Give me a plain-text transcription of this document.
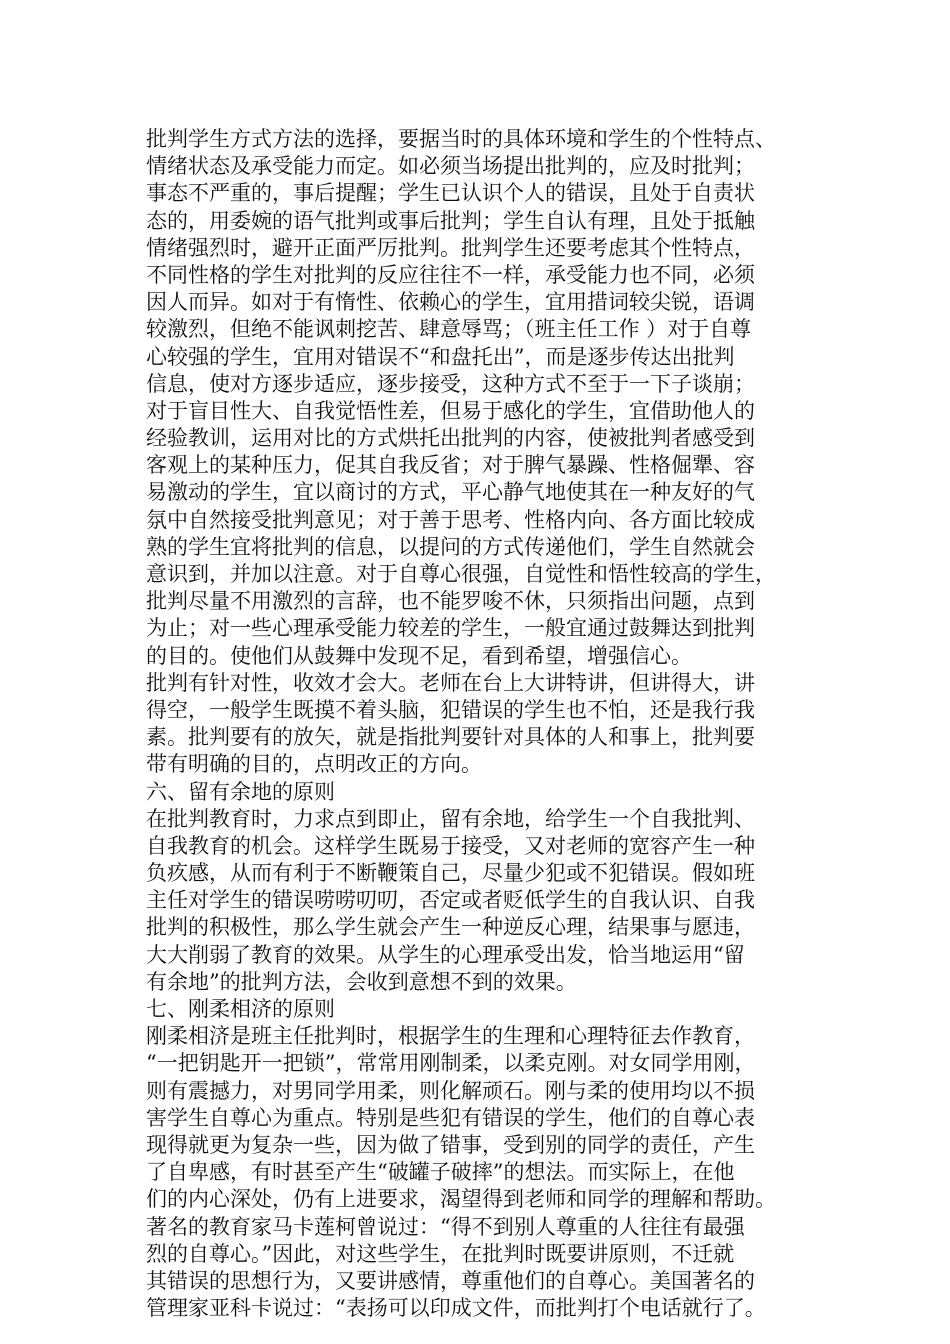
批判学生方式方法的选择，要据当时的具体环境和学生的个性特点、
情绪状态及承受能力而定。如必须当场提出批判的，应及时批判；
事态不严重的，事后提醒；学生已认识个人的错误，且处于自责状
态的，用委婉的语气批判或事后批判；学生自认有理，且处于抵触
情绪强烈时，避开正面严厉批判。批判学生还要考虑其个性特点，
不同性格的学生对批判的反应往往不一样，承受能力也不同，必须
因人而异。如对于有惰性、依赖心的学生，宜用措词较尖锐，语调
较激烈，但绝不能讽刺挖苦、肆意辱骂；（班主任工作 ）对于自尊
心较强的学生，宜用对错误不“和盘托出”，而是逐步传达出批判
信息，使对方逐步适应，逐步接受，这种方式不至于一下子谈崩；
对于盲目性大、自我觉悟性差，但易于感化的学生，宜借助他人的
经验教训，运用对比的方式烘托出批判的内容，使被批判者感受到
客观上的某种压力，促其自我反省；对于脾气暴躁、性格倔犟、容
易激动的学生，宜以商讨的方式，平心静气地使其在一种友好的气
氛中自然接受批判意见；对于善于思考、性格内向、各方面比较成
熟的学生宜将批判的信息，以提问的方式传递他们，学生自然就会
意识到，并加以注意。对于自尊心很强，自觉性和悟性较高的学生，
批判尽量不用激烈的言辞，也不能罗唆不休，只须指出问题，点到
为止；对一些心理承受能力较差的学生，一般宜通过鼓舞达到批判
的目的。使他们从鼓舞中发现不足，看到希望，增强信心。
批判有针对性，收效才会大。老师在台上大讲特讲，但讲得大，讲
得空，一般学生既摸不着头脑，犯错误的学生也不怕，还是我行我
素。批判要有的放矢，就是指批判要针对具体的人和事上，批判要
带有明确的目的，点明改正的方向。
六、留有余地的原则
在批判教育时，力求点到即止，留有余地，给学生一个自我批判、
自我教育的机会。这样学生既易于接受，又对老师的宽容产生一种
负疚感，从而有利于不断鞭策自己，尽量少犯或不犯错误。假如班
主任对学生的错误唠唠叨叨，否定或者贬低学生的自我认识、自我
批判的积极性，那么学生就会产生一种逆反心理，结果事与愿违，
大大削弱了教育的效果。从学生的心理承受出发，恰当地运用“留
有余地”的批判方法，会收到意想不到的效果。
七、刚柔相济的原则
刚柔相济是班主任批判时，根据学生的生理和心理特征去作教育，
“一把钥匙开一把锁”，常常用刚制柔，以柔克刚。对女同学用刚，
则有震撼力，对男同学用柔，则化解顽石。刚与柔的使用均以不损
害学生自尊心为重点。特别是些犯有错误的学生，他们的自尊心表
现得就更为复杂一些，因为做了错事，受到别的同学的责任，产生
了自卑感，有时甚至产生“破罐子破摔”的想法。而实际上，在他
们的内心深处，仍有上进要求，渴望得到老师和同学的理解和帮助。
著名的教育家马卡莲柯曾说过：“得不到别人尊重的人往往有最强
烈的自尊心。”因此，对这些学生，在批判时既要讲原则，不迁就
其错误的思想行为，又要讲感情，尊重他们的自尊心。美国著名的
管理家亚科卡说过：“表扬可以印成文件，而批判打个电话就行了。
